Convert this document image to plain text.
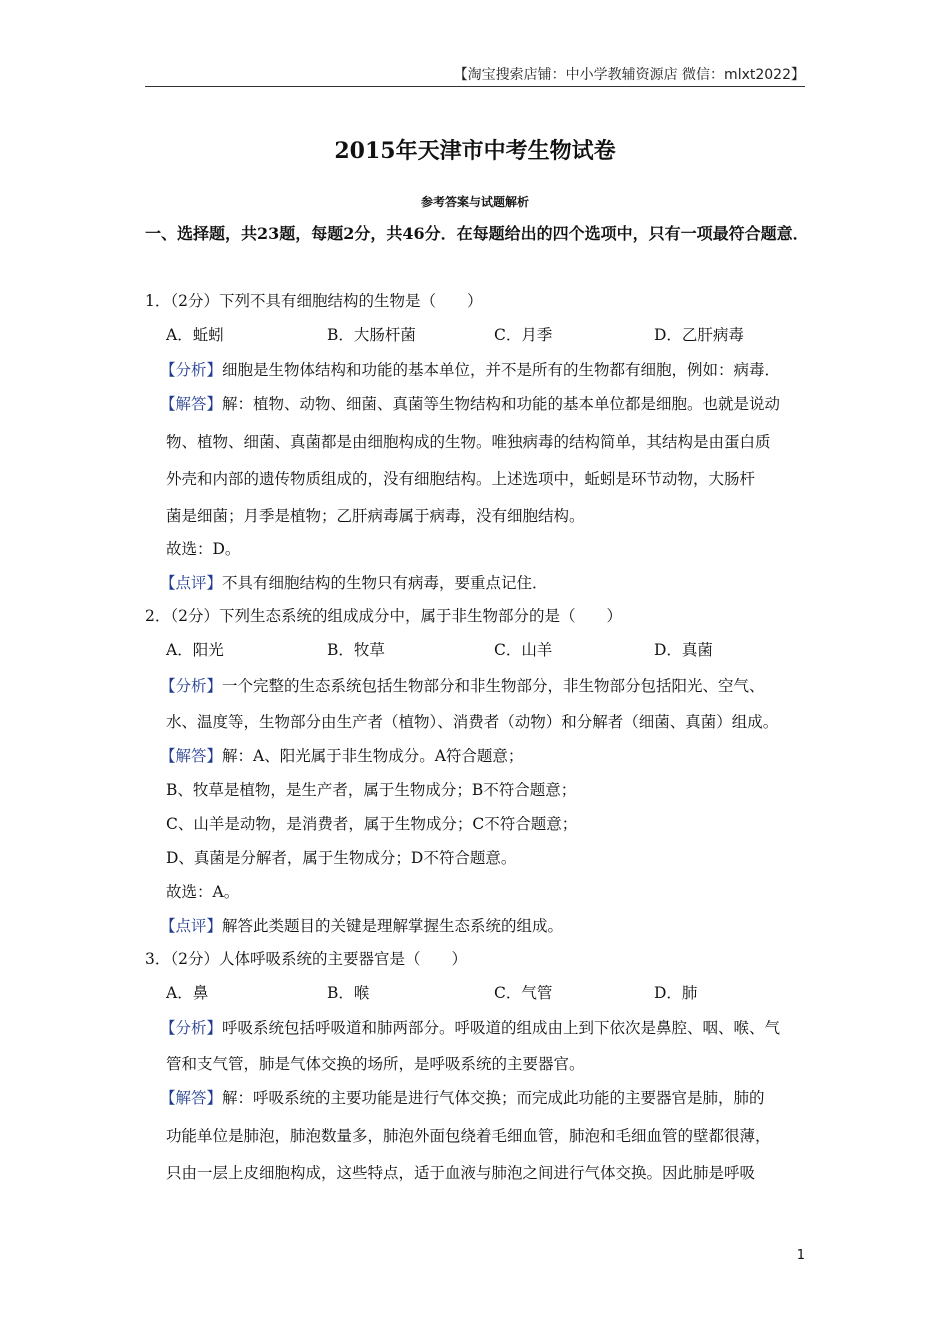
【淘宝搜索店铺：中小学教辅资源店 微信：mlxt2022】
2015年天津市中考生物试卷
参考答案与试题解析
一、选择题，共23题，每题2分，共46分．在每题给出的四个选项中，只有一项最符合题意．
1．（2分）下列不具有细胞结构的生物是（　　）
A．蚯蚓	B．大肠杆菌	C．月季	D．乙肝病毒
【分析】细胞是生物体结构和功能的基本单位，并不是所有的生物都有细胞，例如：病毒．
【解答】解：植物、动物、细菌、真菌等生物结构和功能的基本单位都是细胞。也就是说动
物、植物、细菌、真菌都是由细胞构成的生物。唯独病毒的结构简单，其结构是由蛋白质
外壳和内部的遗传物质组成的，没有细胞结构。上述选项中，蚯蚓是环节动物，大肠杆
菌是细菌；月季是植物；乙肝病毒属于病毒，没有细胞结构。
故选：D。
【点评】不具有细胞结构的生物只有病毒，要重点记住．
2．（2分）下列生态系统的组成成分中，属于非生物部分的是（　　）
A．阳光	B．牧草	C．山羊	D．真菌
【分析】一个完整的生态系统包括生物部分和非生物部分，非生物部分包括阳光、空气、
水、温度等，生物部分由生产者（植物）、消费者（动物）和分解者（细菌、真菌）组成。
【解答】解：A、阳光属于非生物成分。A符合题意；
B、牧草是植物，是生产者，属于生物成分；B不符合题意；
C、山羊是动物，是消费者，属于生物成分；C不符合题意；
D、真菌是分解者，属于生物成分；D不符合题意。
故选：A。
【点评】解答此类题目的关键是理解掌握生态系统的组成。
3．（2分）人体呼吸系统的主要器官是（　　）
A．鼻	B．喉	C．气管	D．肺
【分析】呼吸系统包括呼吸道和肺两部分。呼吸道的组成由上到下依次是鼻腔、咽、喉、气
管和支气管，肺是气体交换的场所，是呼吸系统的主要器官。
【解答】解：呼吸系统的主要功能是进行气体交换；而完成此功能的主要器官是肺，肺的
功能单位是肺泡，肺泡数量多，肺泡外面包绕着毛细血管，肺泡和毛细血管的壁都很薄，
只由一层上皮细胞构成，这些特点，适于血液与肺泡之间进行气体交换。因此肺是呼吸
1
